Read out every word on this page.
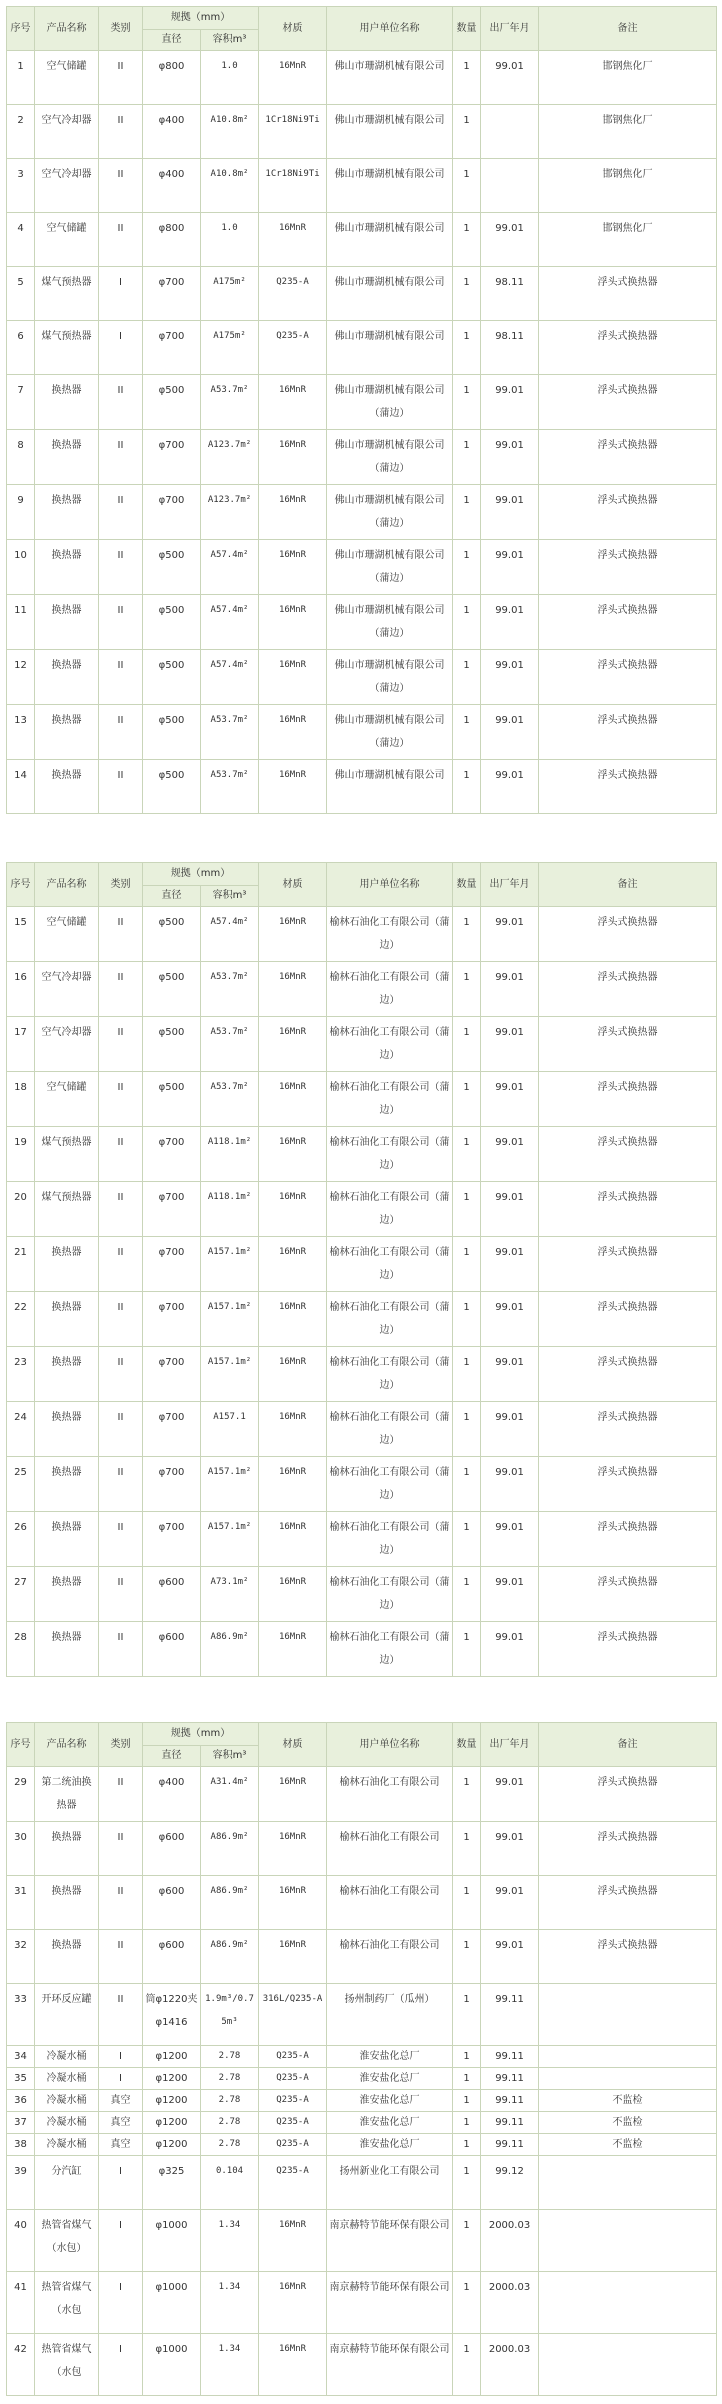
序号	产品名称	类别	规拠（mm）		材质	用户单位名称	数量	出厂年月	备注
			直径	容积m³					
1	空气储罐	II	φ800	1.0	16MnR	佛山市珊湖机械有限公司	1	99.01	邯钢焦化厂
2	空气冷却器	II	φ400	A10.8m²	1Cr18Ni9Ti	佛山市珊湖机械有限公司	1		邯钢焦化厂
3	空气冷却器	II	φ400	A10.8m²	1Cr18Ni9Ti	佛山市珊湖机械有限公司	1		邯钢焦化厂
4	空气储罐	II	φ800	1.0	16MnR	佛山市珊湖机械有限公司	1	99.01	邯钢焦化厂
5	煤气预热器	I	φ700	A175m²	Q235-A	佛山市珊湖机械有限公司	1	98.11	浮头式换热器
6	煤气预热器	I	φ700	A175m²	Q235-A	佛山市珊湖机械有限公司	1	98.11	浮头式换热器
7	换热器	II	φ500	A53.7m²	16MnR	佛山市珊湖机械有限公司（蒲边）	1	99.01	浮头式换热器
8	换热器	II	φ700	A123.7m²	16MnR	佛山市珊湖机械有限公司（蒲边）	1	99.01	浮头式换热器
9	换热器	II	φ700	A123.7m²	16MnR	佛山市珊湖机械有限公司（蒲边）	1	99.01	浮头式换热器
10	换热器	II	φ500	A57.4m²	16MnR	佛山市珊湖机械有限公司（蒲边）	1	99.01	浮头式换热器
11	换热器	II	φ500	A57.4m²	16MnR	佛山市珊湖机械有限公司（蒲边）	1	99.01	浮头式换热器
12	换热器	II	φ500	A57.4m²	16MnR	佛山市珊湖机械有限公司（蒲边）	1	99.01	浮头式换热器
13	换热器	II	φ500	A53.7m²	16MnR	佛山市珊湖机械有限公司（蒲边）	1	99.01	浮头式换热器
14	换热器	II	φ500	A53.7m²	16MnR	佛山市珊湖机械有限公司	1	99.01	浮头式换热器
序号	产品名称	类别	规拠（mm）		材质	用户单位名称	数量	出厂年月	备注
			直径	容积m³					
15	空气储罐	II	φ500	A57.4m²	16MnR	榆林石油化工有限公司（蒲边）	1	99.01	浮头式换热器
16	空气冷却器	II	φ500	A53.7m²	16MnR	榆林石油化工有限公司（蒲边）	1	99.01	浮头式换热器
17	空气冷却器	II	φ500	A53.7m²	16MnR	榆林石油化工有限公司（蒲边）	1	99.01	浮头式换热器
18	空气储罐	II	φ500	A53.7m²	16MnR	榆林石油化工有限公司（蒲边）	1	99.01	浮头式换热器
19	煤气预热器	II	φ700	A118.1m²	16MnR	榆林石油化工有限公司（蒲边）	1	99.01	浮头式换热器
20	煤气预热器	II	φ700	A118.1m²	16MnR	榆林石油化工有限公司（蒲边）	1	99.01	浮头式换热器
21	换热器	II	φ700	A157.1m²	16MnR	榆林石油化工有限公司（蒲边）	1	99.01	浮头式换热器
22	换热器	II	φ700	A157.1m²	16MnR	榆林石油化工有限公司（蒲边）	1	99.01	浮头式换热器
23	换热器	II	φ700	A157.1m²	16MnR	榆林石油化工有限公司（蒲边）	1	99.01	浮头式换热器
24	换热器	II	φ700	A157.1	16MnR	榆林石油化工有限公司（蒲边）	1	99.01	浮头式换热器
25	换热器	II	φ700	A157.1m²	16MnR	榆林石油化工有限公司（蒲边）	1	99.01	浮头式换热器
26	换热器	II	φ700	A157.1m²	16MnR	榆林石油化工有限公司（蒲边）	1	99.01	浮头式换热器
27	换热器	II	φ600	A73.1m²	16MnR	榆林石油化工有限公司（蒲边）	1	99.01	浮头式换热器
28	换热器	II	φ600	A86.9m²	16MnR	榆林石油化工有限公司（蒲边）	1	99.01	浮头式换热器
序号	产品名称	类别	规拠（mm）		材质	用户单位名称	数量	出厂年月	备注
			直径	容积m³					
29	第二统油换热器	II	φ400	A31.4m²	16MnR	榆林石油化工有限公司	1	99.01	浮头式换热器
30	换热器	II	φ600	A86.9m²	16MnR	榆林石油化工有限公司	1	99.01	浮头式换热器
31	换热器	II	φ600	A86.9m²	16MnR	榆林石油化工有限公司	1	99.01	浮头式换热器
32	换热器	II	φ600	A86.9m²	16MnR	榆林石油化工有限公司	1	99.01	浮头式换热器
33	开环反应罐	II	筒φ1220夹φ1416	1.9m³/0.75m³	316L/Q235-A	扬州制药厂（瓜州）	1	99.11	
34	冷凝水桶	I	φ1200	2.78	Q235-A	淮安盐化总厂	1	99.11	
35	冷凝水桶	I	φ1200	2.78	Q235-A	淮安盐化总厂	1	99.11	
36	冷凝水桶	真空	φ1200	2.78	Q235-A	淮安盐化总厂	1	99.11	不监检
37	冷凝水桶	真空	φ1200	2.78	Q235-A	淮安盐化总厂	1	99.11	不监检
38	冷凝水桶	真空	φ1200	2.78	Q235-A	淮安盐化总厂	1	99.11	不监检
39	分汽缸	I	φ325	0.104	Q235-A	扬州新业化工有限公司	1	99.12	
40	热管省煤气（水包）	I	φ1000	1.34	16MnR	南京赫特节能环保有限公司	1	2000.03	
41	热管省煤气（水包	I	φ1000	1.34	16MnR	南京赫特节能环保有限公司	1	2000.03	
42	热管省煤气（水包	I	φ1000	1.34	16MnR	南京赫特节能环保有限公司	1	2000.03	
